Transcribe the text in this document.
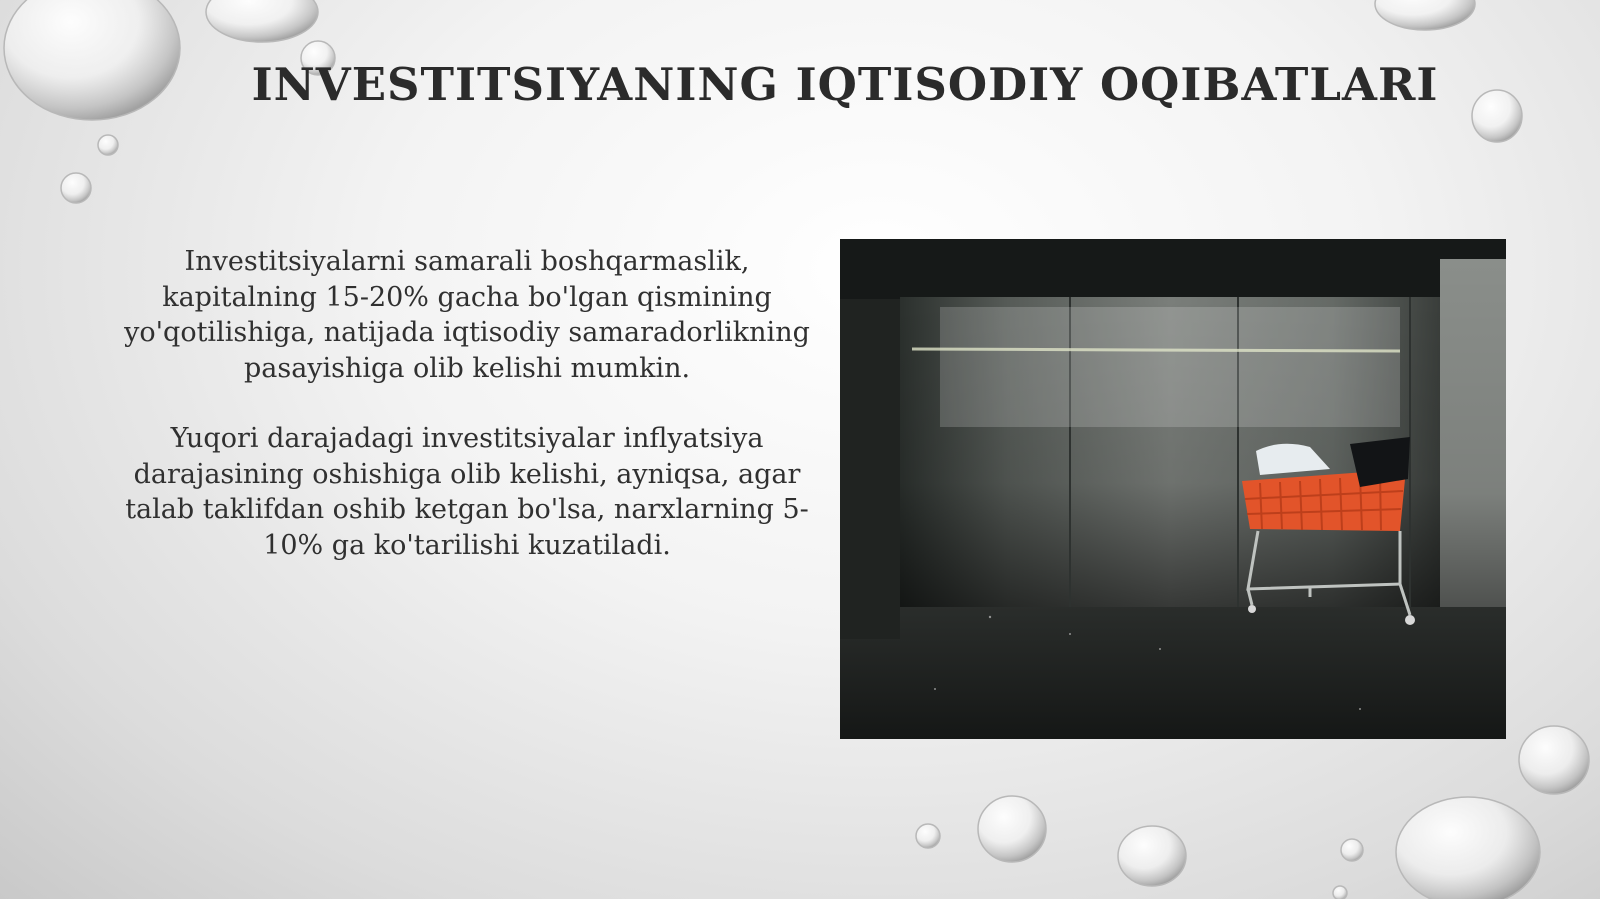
INVESTITSIYANING IQTISODIY OQIBATLARI

Investitsiyalarni samarali boshqarmaslik, kapitalning 15-20% gacha bo'lgan qismining yo'qotilishiga, natijada iqtisodiy samaradorlikning pasayishiga olib kelishi mumkin.

Yuqori darajadagi investitsiyalar inflyatsiya darajasining oshishiga olib kelishi, ayniqsa, agar talab taklifdan oshib ketgan bo'lsa, narxlarning 5-10% ga ko'tarilishi kuzatiladi.
